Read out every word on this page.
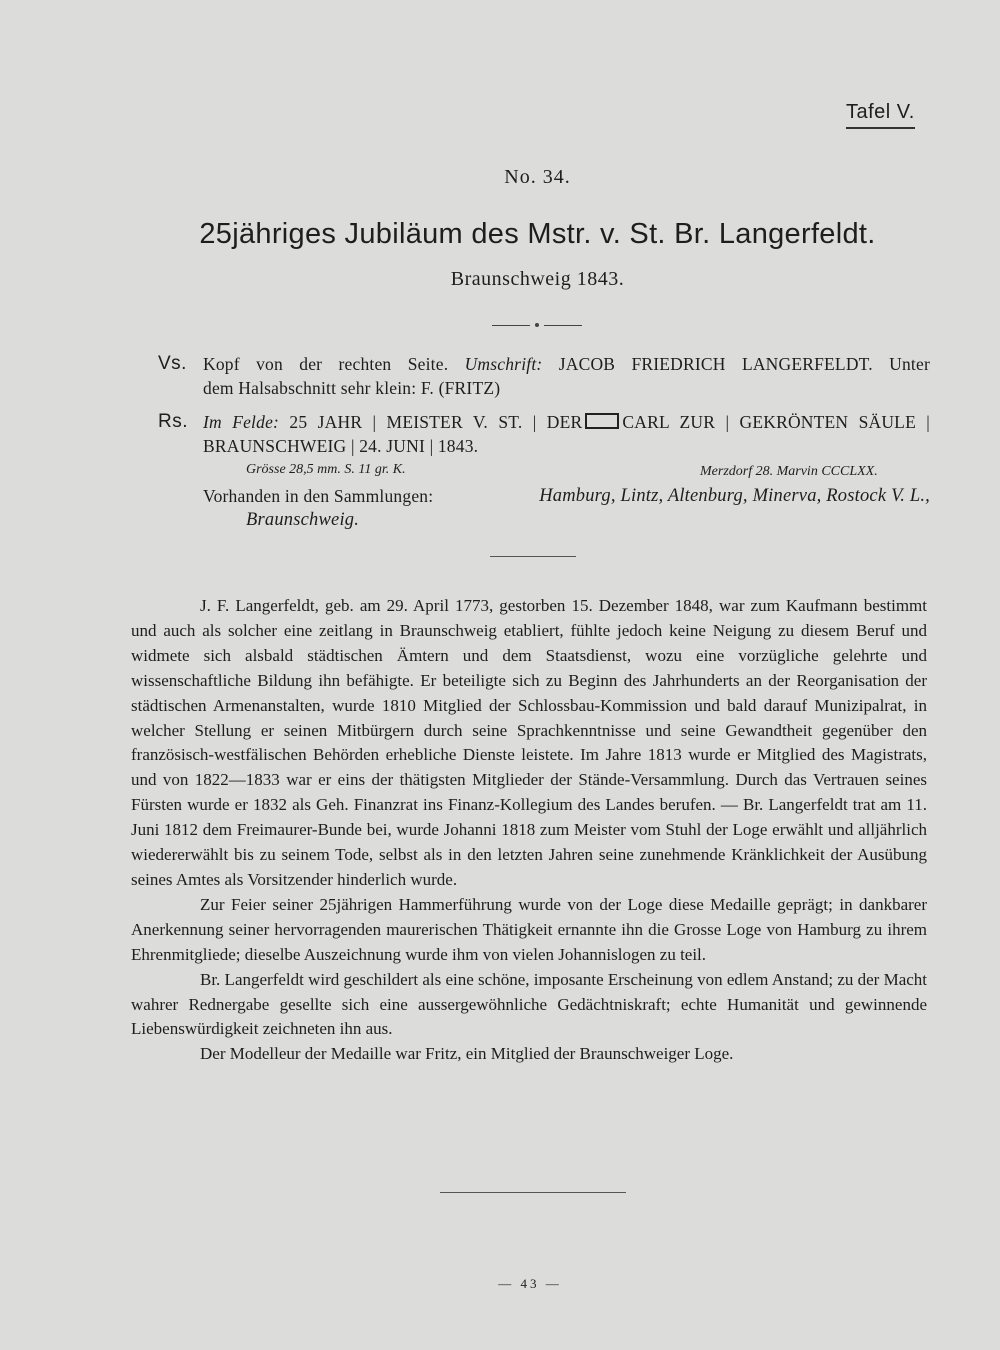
Tafel V.
No. 34.
25jähriges Jubiläum des Mstr. v. St. Br. Langerfeldt.
Braunschweig 1843.
Vs. Kopf von der rechten Seite. Umschrift: JACOB FRIEDRICH LANGERFELDT. Unter
dem Halsabschnitt sehr klein: F. (FRITZ)
Rs. Im Felde: 25 JAHR | MEISTER V. ST. | DER CARL ZUR | GEKRÖNTEN SÄULE |
BRAUNSCHWEIG | 24. JUNI | 1843.
Grösse 28,5 mm. S. 11 gr. K.	Merzdorf 28. Marvin CCCLXX.
Vorhanden in den Sammlungen:	Hamburg, Lintz, Altenburg, Minerva, Rostock V. L.,
Braunschweig.

J. F. Langerfeldt, geb. am 29. April 1773, gestorben 15. Dezember 1848, war zum Kaufmann bestimmt und auch als solcher eine zeitlang in Braunschweig etabliert, fühlte jedoch keine Neigung zu diesem Beruf und widmete sich alsbald städtischen Ämtern und dem Staatsdienst, wozu eine vorzügliche gelehrte und wissenschaftliche Bildung ihn befähigte. Er beteiligte sich zu Beginn des Jahrhunderts an der Reorganisation der städtischen Armenanstalten, wurde 1810 Mitglied der Schlossbau-Kommission und bald darauf Munizipalrat, in welcher Stellung er seinen Mitbürgern durch seine Sprachkenntnisse und seine Gewandtheit gegenüber den französisch-westfälischen Behörden erhebliche Dienste leistete. Im Jahre 1813 wurde er Mitglied des Magistrats, und von 1822—1833 war er eins der thätigsten Mitglieder der Stände-Versammlung. Durch das Vertrauen seines Fürsten wurde er 1832 als Geh. Finanzrat ins Finanz-Kollegium des Landes berufen. — Br. Langerfeldt trat am 11. Juni 1812 dem Freimaurer-Bunde bei, wurde Johanni 1818 zum Meister vom Stuhl der Loge erwählt und alljährlich wiedererwählt bis zu seinem Tode, selbst als in den letzten Jahren seine zunehmende Kränklichkeit der Ausübung seines Amtes als Vorsitzender hinderlich wurde.

Zur Feier seiner 25jährigen Hammerführung wurde von der Loge diese Medaille geprägt; in dankbarer Anerkennung seiner hervorragenden maurerischen Thätigkeit ernannte ihn die Grosse Loge von Hamburg zu ihrem Ehrenmitgliede; dieselbe Auszeichnung wurde ihm von vielen Johannislogen zu teil.

Br. Langerfeldt wird geschildert als eine schöne, imposante Erscheinung von edlem Anstand; zu der Macht wahrer Rednergabe gesellte sich eine aussergewöhnliche Gedächtniskraft; echte Humanität und gewinnende Liebenswürdigkeit zeichneten ihn aus.

Der Modelleur der Medaille war Fritz, ein Mitglied der Braunschweiger Loge.

— 43 —
